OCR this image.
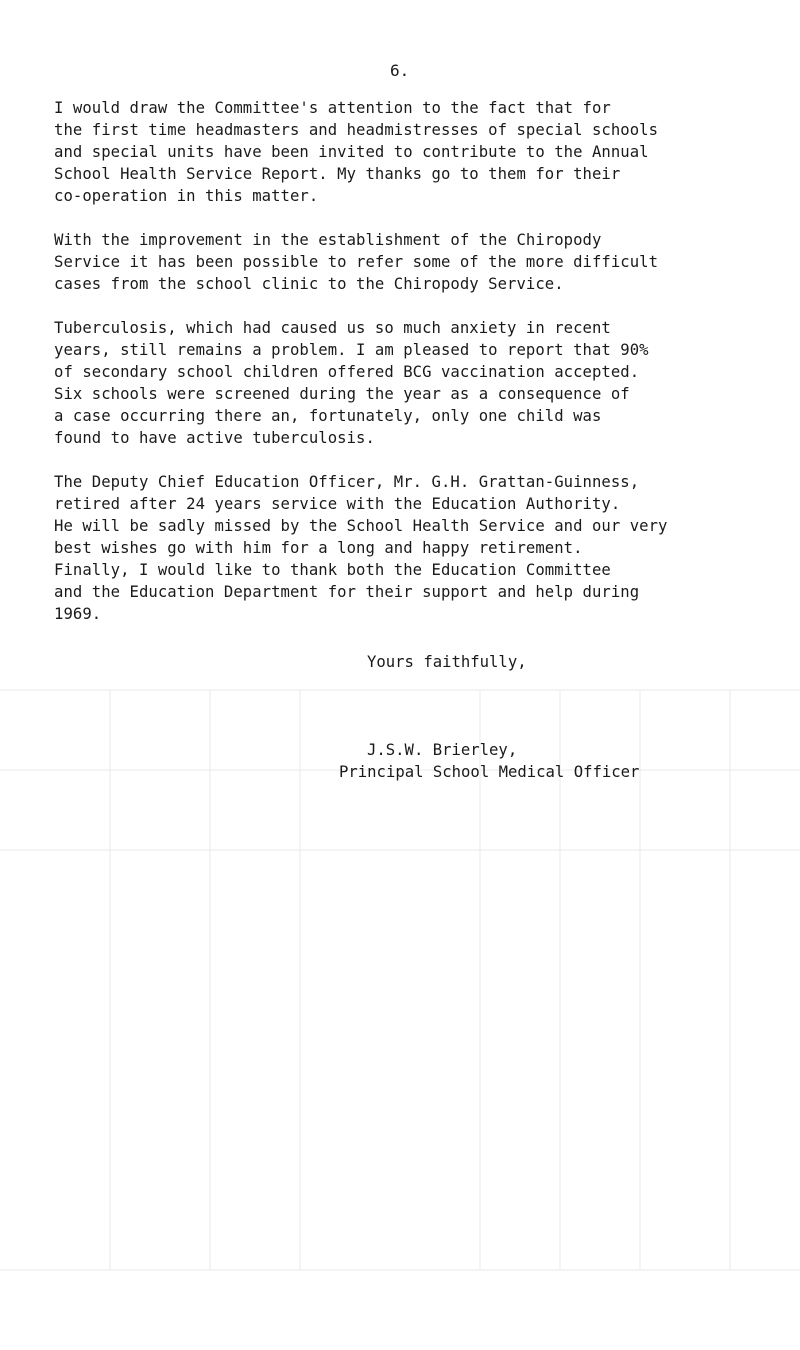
6.
I would draw the Committee's attention to the fact that for
the first time headmasters and headmistresses of special schools
and special units have been invited to contribute to the Annual
School Health Service Report. My thanks go to them for their
co-operation in this matter.
With the improvement in the establishment of the Chiropody
Service it has been possible to refer some of the more difficult
cases from the school clinic to the Chiropody Service.
Tuberculosis, which had caused us so much anxiety in recent
years, still remains a problem. I am pleased to report that 90%
of secondary school children offered BCG vaccination accepted.
Six schools were screened during the year as a consequence of
a case occurring there an, fortunately, only one child was
found to have active tuberculosis.
The Deputy Chief Education Officer, Mr. G.H. Grattan-Guinness,
retired after 24 years service with the Education Authority.
He will be sadly missed by the School Health Service and our very
best wishes go with him for a long and happy retirement.
Finally, I would like to thank both the Education Committee
and the Education Department for their support and help during
1969.
Yours faithfully,
J.S.W. Brierley,
Principal School Medical Officer
